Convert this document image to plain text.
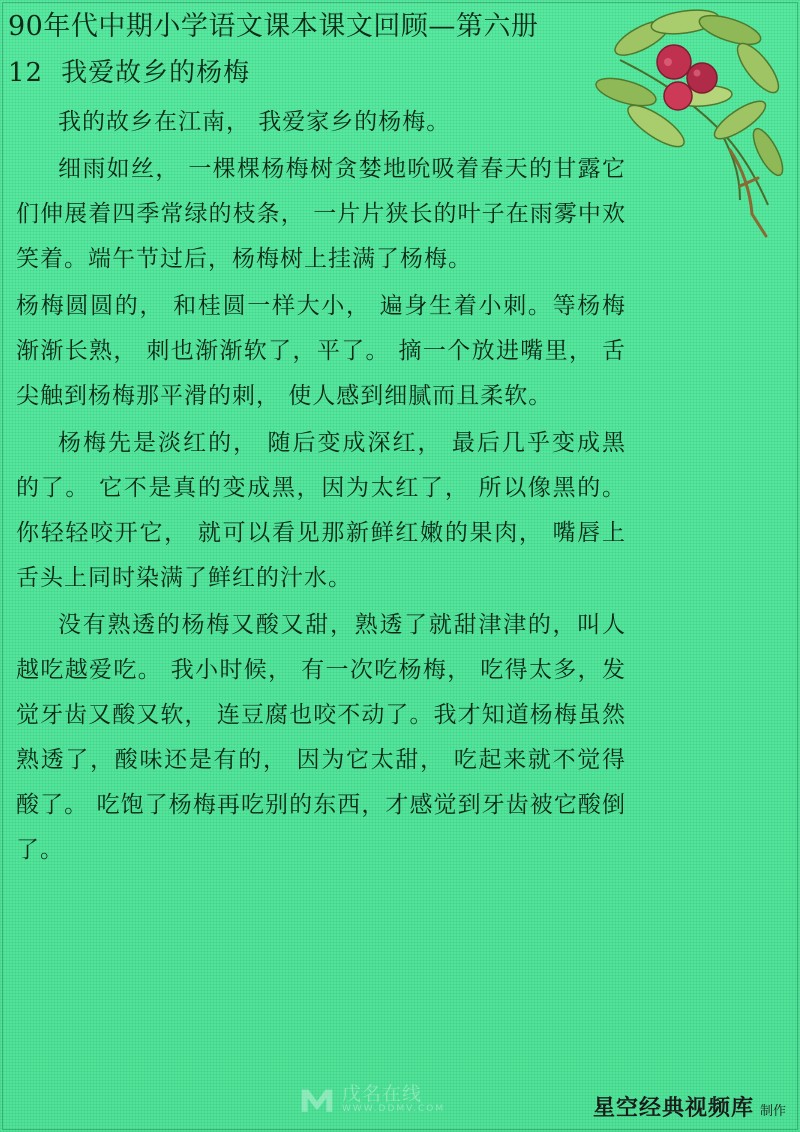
90年代中期小学语文课本课文回顾—第六册
12 我爱故乡的杨梅

我的故乡在江南， 我爱家乡的杨梅。

细雨如丝， 一棵棵杨梅树贪婪地吮吸着春天的甘露它们伸展着四季常绿的枝条， 一片片狭长的叶子在雨雾中欢笑着。端午节过后，杨梅树上挂满了杨梅。

杨梅圆圆的， 和桂圆一样大小， 遍身生着小刺。等杨梅渐渐长熟， 刺也渐渐软了，平了。 摘一个放进嘴里， 舌尖触到杨梅那平滑的刺， 使人感到细腻而且柔软。

杨梅先是淡红的， 随后变成深红， 最后几乎变成黑的了。 它不是真的变成黑，因为太红了， 所以像黑的。 你轻轻咬开它， 就可以看见那新鲜红嫩的果肉， 嘴唇上舌头上同时染满了鲜红的汁水。

没有熟透的杨梅又酸又甜，熟透了就甜津津的，叫人越吃越爱吃。 我小时候， 有一次吃杨梅， 吃得太多，发觉牙齿又酸又软， 连豆腐也咬不动了。我才知道杨梅虽然熟透了，酸味还是有的， 因为它太甜， 吃起来就不觉得酸了。 吃饱了杨梅再吃别的东西，才感觉到牙齿被它酸倒了。

戊名在线
WWW.DDMV.COM	星空经典视频库 制作
